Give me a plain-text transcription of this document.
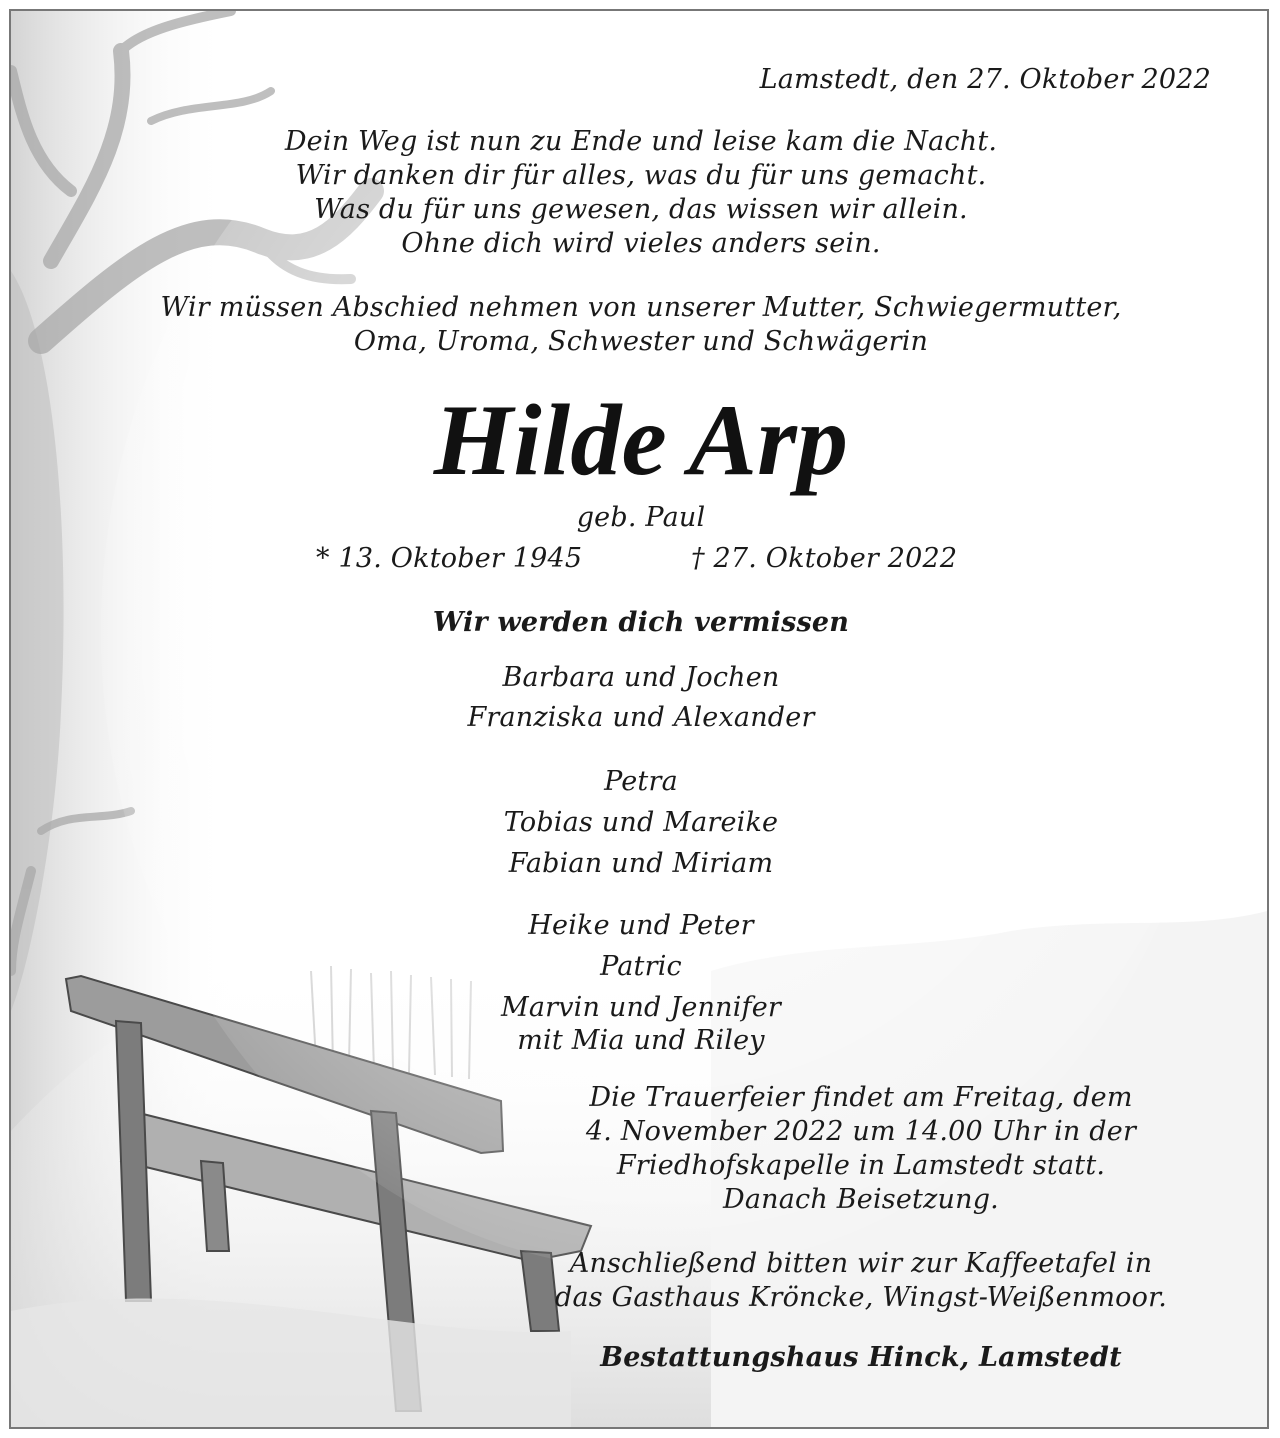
Lamstedt, den 27. Oktober 2022
Dein Weg ist nun zu Ende und leise kam die Nacht.
Wir danken dir für alles, was du für uns gemacht.
Was du für uns gewesen, das wissen wir allein.
Ohne dich wird vieles anders sein.
Wir müssen Abschied nehmen von unserer Mutter, Schwiegermutter,
Oma, Uroma, Schwester und Schwägerin
Hilde Arp
geb. Paul
* 13. Oktober 1945	† 27. Oktober 2022
Wir werden dich vermissen
Barbara und Jochen
Franziska und Alexander
Petra
Tobias und Mareike
Fabian und Miriam
Heike und Peter
Patric
Marvin und Jennifer
mit Mia und Riley
Die Trauerfeier findet am Freitag, dem
4. November 2022 um 14.00 Uhr in der
Friedhofskapelle in Lamstedt statt.
Danach Beisetzung.
Anschließend bitten wir zur Kaffeetafel in
das Gasthaus Kröncke, Wingst-Weißenmoor.
Bestattungshaus Hinck, Lamstedt
